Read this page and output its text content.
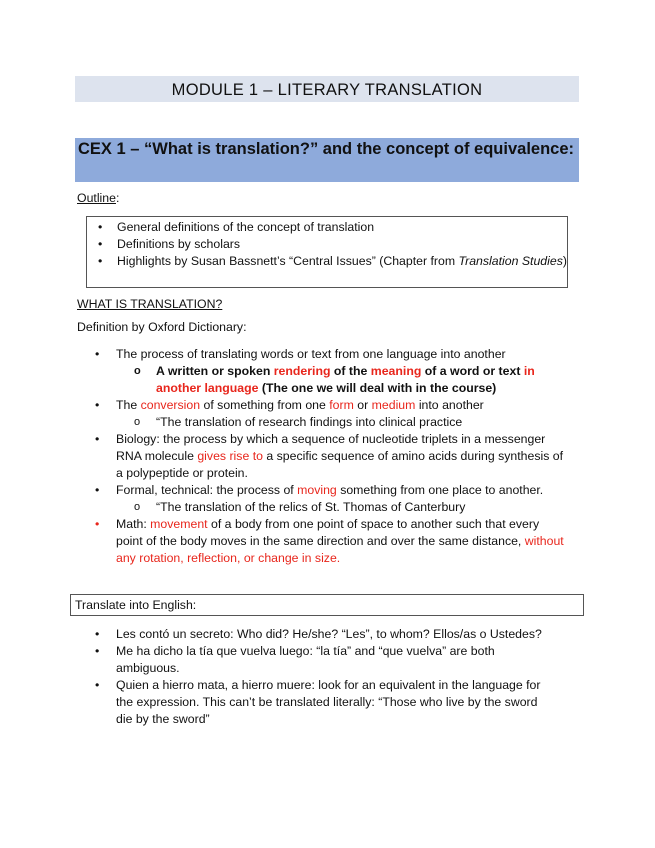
MODULE 1 – LITERARY TRANSLATION
CEX 1 – “What is translation?” and the concept of equivalence:
Outline:
• General definitions of the concept of translation
• Definitions by scholars
• Highlights by Susan Bassnett’s “Central Issues” (Chapter from Translation Studies)
WHAT IS TRANSLATION?
Definition by Oxford Dictionary:
• The process of translating words or text from one language into another
o A written or spoken rendering of the meaning of a word or text in another language (The one we will deal with in the course)
• The conversion of something from one form or medium into another
o “The translation of research findings into clinical practice
• Biology: the process by which a sequence of nucleotide triplets in a messenger RNA molecule gives rise to a specific sequence of amino acids during synthesis of a polypeptide or protein.
• Formal, technical: the process of moving something from one place to another.
o “The translation of the relics of St. Thomas of Canterbury
• Math: movement of a body from one point of space to another such that every point of the body moves in the same direction and over the same distance, without any rotation, reflection, or change in size.
Translate into English:
• Les contó un secreto: Who did? He/she? “Les”, to whom? Ellos/as o Ustedes?
• Me ha dicho la tía que vuelva luego: “la tía” and “que vuelva” are both ambiguous.
• Quien a hierro mata, a hierro muere: look for an equivalent in the language for the expression. This can’t be translated literally: “Those who live by the sword die by the sword”
